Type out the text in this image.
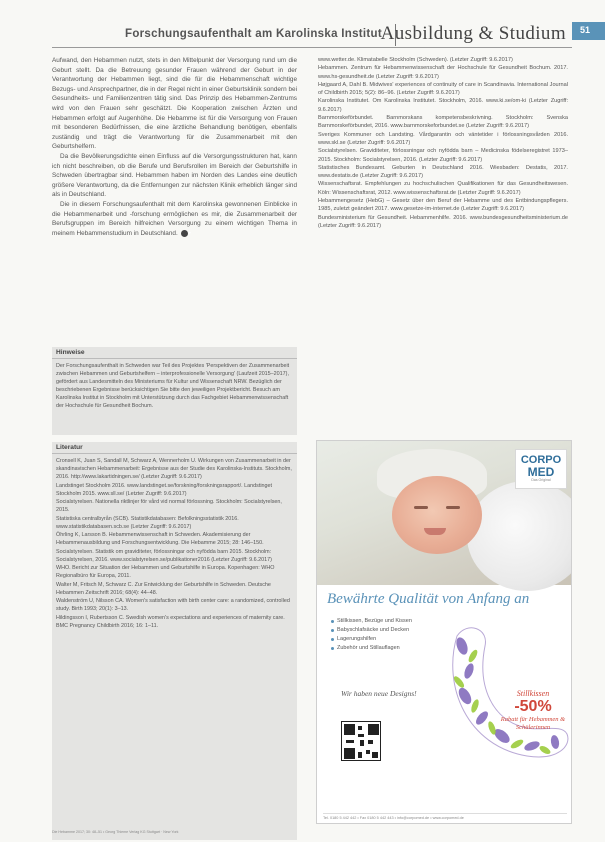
Forschungsaufenthalt am Karolinska Institut
Ausbildung & Studium	51

Aufwand, den Hebammen nutzt, stets in den Mittelpunkt der Versorgung rund um die Geburt stellt. Da die Betreuung gesunder Frauen während der Geburt in der Verantwortung der Hebammen liegt, sind die für die Hebammenschaft wichtige Bezugs- und Ansprechpartner, die in der Regel nicht in einer Geburtsklinik sondern bei Gesundheits- und Familienzentren tätig sind. Das Prinzip des Hebammen-Zentrums wird von den Frauen sehr geschätzt. Die Kooperation zwischen Ärzten und Hebammen erfolgt auf Augenhöhe. Die Hebamme ist für die Versorgung von Frauen mit besonderen Bedürfnissen, die eine ärztliche Behandlung benötigen, ebenfalls zuständig und trägt die Verantwortung für die Zusammenarbeit mit den Geburtshelfern.

Da die Bevölkerungsdichte einen Einfluss auf die Versorgungsstrukturen hat, kann ich nicht beschreiben, ob die Berufe und Berufsrollen im Bereich der Geburtshilfe in Schweden übertragbar sind. Hebammen haben im Norden des Landes eine deutlich größere Verantwortung, da die Entfernungen zur nächsten Klinik erheblich länger sind als in Deutschland.

Die in diesem Forschungsaufenthalt mit dem Karolinska gewonnenen Einblicke in die Hebammenarbeit und -forschung ermöglichen es mir, die Zusammenarbeit der Berufsgruppen im Bereich hilfreichen Versorgung zu einem wichtigen Thema in meinem Hebammenstudium in Deutschland. ▸

Hinweise
Der Forschungsaufenthalt in Schweden war Teil des Projektes 'Perspektiven der Zusammenarbeit zwischen Hebammen und Geburtshelfern – interprofessionelle Versorgung' (Laufzeit 2015–2017), gefördert aus Landesmitteln des Ministeriums für Kultur und Wissenschaft NRW. Bezüglich der beschriebenen Ergebnisse berücksichtigen Sie bitte den jeweiligen Projektbericht. Besuch am Karolinska Institut in Stockholm mit Unterstützung durch das Fachgebiet Hebammenwissenschaft der Hochschule für Gesundheit Bochum.
Literatur
Cronsell K, Juan S, Sandall M, Schwarz A, Wennerholm U. Wirkungen von Zusammenarbeit in der skandinavischen Hebammenarbeit: Ergebnisse aus der Studie des Karolinska-Instituts. Stockholm, 2016. http://www.lakartidningen.se/ (Letzter Zugriff: 9.6.2017)
Landstinget Stockholm 2016. www.landstinget.se/forskning/forskningsrapport/. Landstinget Stockholm 2015. www.sll.se/ (Letzter Zugriff: 9.6.2017)
Socialstyrelsen. Nationella riktlinjer för vård vid normal förlossning. Stockholm: Socialstyrelsen, 2015.
Statistiska centralbyrån (SCB). Statistikdatabasen: Befolkningsstatistik 2016. www.statistikdatabasen.scb.se (Letzter Zugriff: 9.6.2017)
Öhrling K, Larsson B. Hebammenwissenschaft in Schweden. Akademisierung der Hebammenausbildung und Forschungsentwicklung. Die Hebamme 2015; 28: 146–150.
Socialstyrelsen. Statistik om graviditeter, förlossningar och nyfödda barn 2015. Stockholm: Socialstyrelsen, 2016. www.socialstyrelsen.se/publikationer2016 (Letzter Zugriff: 9.6.2017)
WHO. Bericht zur Situation der Hebammen und Geburtshilfe in Europa. Kopenhagen: WHO Regionalbüro für Europa, 2011.
Walter M, Fritsch M, Schwarz C. Zur Entwicklung der Geburtshilfe in Schweden. Deutsche Hebammen Zeitschrift 2016; 68(4): 44–48.
Waldenström U, Nilsson CA. Women's satisfaction with birth center care: a randomized, controlled study. Birth 1993; 20(1): 3–13.
Hildingsson I, Rubertsson C. Swedish women's expectations and experiences of maternity care. BMC Pregnancy Childbirth 2016; 16: 1–11.
www.wetter.de. Klimatabelle Stockholm (Schweden). (Letzter Zugriff: 9.6.2017)
Hebammen. Zentrum für Hebammenwissenschaft der Hochschule für Gesundheit Bochum. 2017. www.hs-gesundheit.de (Letzter Zugriff: 9.6.2017)
Højgaard A, Dahl B. Midwives' experiences of continuity of care in Scandinavia. International Journal of Childbirth 2015; 5(2): 86–96. (Letzter Zugriff: 9.6.2017)
Karolinska Institutet. Om Karolinska Institutet. Stockholm, 2016. www.ki.se/om-ki (Letzter Zugriff: 9.6.2017)
Barnmorskeförbundet. Barnmorskans kompetensbeskrivning. Stockholm: Svenska Barnmorskeförbundet, 2016. www.barnmorskeforbundet.se (Letzter Zugriff: 9.6.2017)
Sveriges Kommuner och Landsting. Vårdgarantin och väntetider i förlossningsvården 2016. www.skl.se (Letzter Zugriff: 9.6.2017)
Socialstyrelsen. Graviditeter, förlossningar och nyfödda barn – Medicinska födelseregistret 1973–2015. Stockholm: Socialstyrelsen, 2016. (Letzter Zugriff: 9.6.2017)
Statistisches Bundesamt. Geburten in Deutschland 2016. Wiesbaden: Destatis, 2017. www.destatis.de (Letzter Zugriff: 9.6.2017)
Wissenschaftsrat. Empfehlungen zu hochschulischen Qualifikationen für das Gesundheitswesen. Köln: Wissenschaftsrat, 2012. www.wissenschaftsrat.de (Letzter Zugriff: 9.6.2017)
Hebammengesetz (HebG) – Gesetz über den Beruf der Hebamme und des Entbindungspflegers. 1985, zuletzt geändert 2017. www.gesetze-im-internet.de (Letzter Zugriff: 9.6.2017)
Bundesministerium für Gesundheit. Hebammenhilfe. 2016. www.bundesgesundheitsministerium.de (Letzter Zugriff: 9.6.2017)
CORPO
MED
Das Original
Bewährte Qualität von Anfang an
Stillkissen, Bezüge und Kissen
Babyschlafsäcke und Decken
Lagerungshilfen
Zubehör und Stillauflagen
Wir haben neue Designs!	Stillkissen
-50%
Rabatt für Hebammen & Schülerinnen
Tel. 0180 5 442 442 • Fax 0180 5 442 443 • info@corpomed.de • www.corpomed.de
Die Hebamme 2017; 30: 48–51 • Georg Thieme Verlag KG Stuttgart · New York
